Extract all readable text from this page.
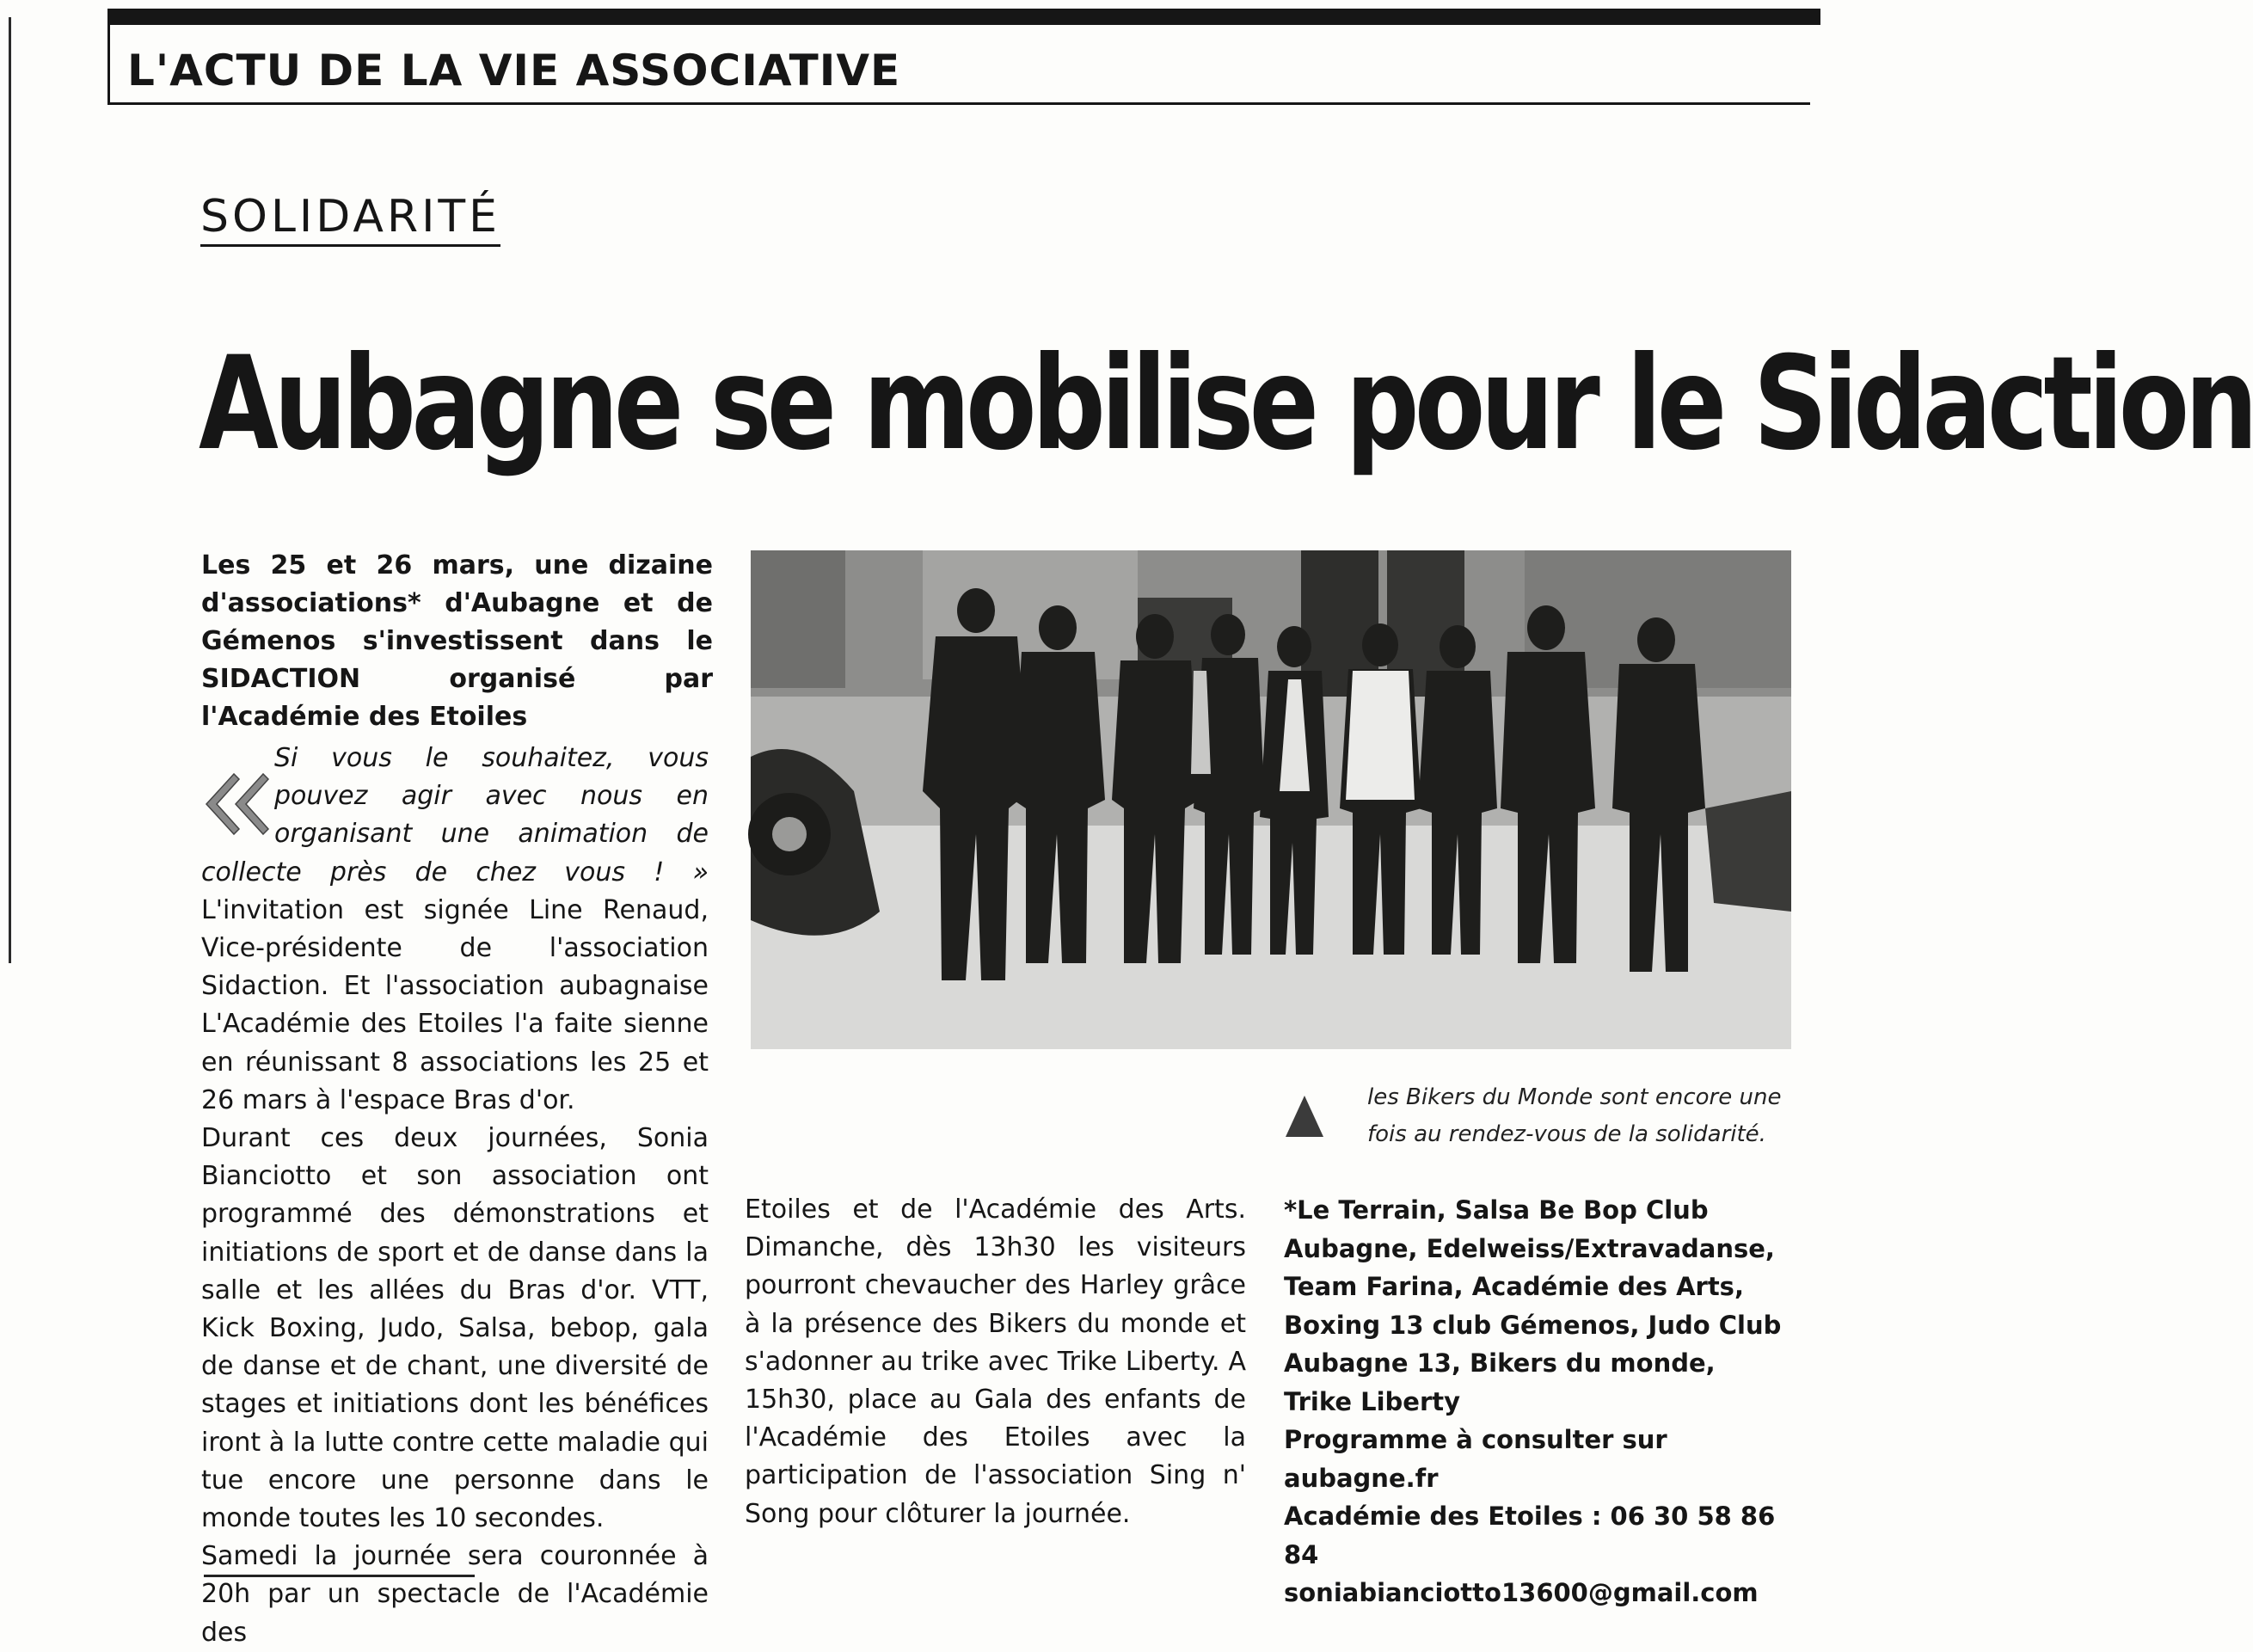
L'ACTU DE LA VIE ASSOCIATIVE
SOLIDARITÉ
Aubagne se mobilise pour le Sidaction
Les 25 et 26 mars, une dizaine d'associations* d'Aubagne et de Gémenos s'investissent dans le SIDACTION organisé par l'Académie des Etoiles

Si vous le souhaitez, vous pouvez agir avec nous en organisant une animation de collecte près de chez vous ! » L'invitation est signée Line Renaud, Vice-présidente de l'association Sidaction. Et l'association aubagnaise L'Académie des Etoiles l'a faite sienne en réunissant 8 associations les 25 et 26 mars à l'espace Bras d'or.

Durant ces deux journées, Sonia Bianciotto et son association ont programmé des démonstrations et initiations de sport et de danse dans la salle et les allées du Bras d'or. VTT, Kick Boxing, Judo, Salsa, bebop, gala de danse et de chant, une diversité de stages et initiations dont les bénéfices iront à la lutte contre cette maladie qui tue encore une personne dans le monde toutes les 10 secondes.

Samedi la journée sera couronnée à 20h par un spectacle de l'Académie des

les Bikers du Monde sont encore une fois au rendez-vous de la solidarité.

Etoiles et de l'Académie des Arts. Dimanche, dès 13h30 les visiteurs pourront chevaucher des Harley grâce à la présence des Bikers du monde et s'adonner au trike avec Trike Liberty. A 15h30, place au Gala des enfants de l'Académie des Etoiles avec la participation de l'association Sing n' Song pour clôturer la journée.

*Le Terrain, Salsa Be Bop Club Aubagne, Edelweiss/Extravadanse, Team Farina, Académie des Arts, Boxing 13 club Gémenos, Judo Club Aubagne 13, Bikers du monde, Trike Liberty

Programme à consulter sur aubagne.fr

Académie des Etoiles : 06 30 58 86 84

soniabianciotto13600@gmail.com
